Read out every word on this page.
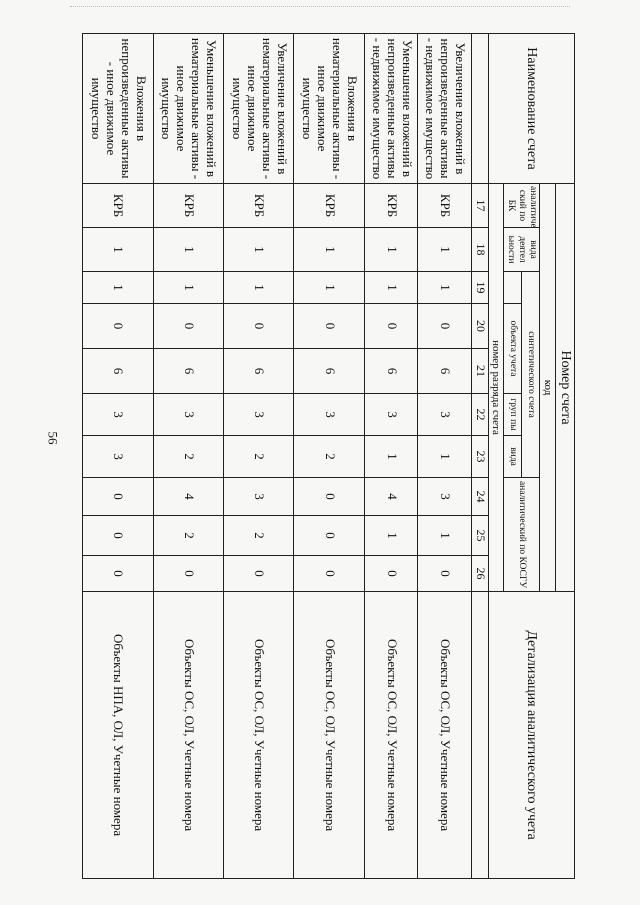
56
Наименование счета	Номер счета										Детализация аналитического учета
	код										
	аналитиче ский по БК	вида деятел ьности	синтетического счета					аналитический по КОСГУ			
				объекта учета		груп пы	вида				
	номер разряда счета										
	17	18	19	20	21	22	23	24	25	26	
Увеличение вложений в непроизведенные активы - недвижимое имущество	КРБ	1	1	0	6	3	1	3	1	0	Объекты ОС, ОЛ, Учетные номера
Уменьшение вложений в непроизведенные активы - недвижимое имущество	КРБ	1	1	0	6	3	1	4	1	0	Объекты ОС, ОЛ, Учетные номера
Вложения в нематериальные активы - иное движимое имущество	КРБ	1	1	0	6	3	2	0	0	0	Объекты ОС, ОЛ, Учетные номера
Увеличение вложений в нематериальные активы - иное движимое имущество	КРБ	1	1	0	6	3	2	3	2	0	Объекты ОС, ОЛ, Учетные номера
Уменьшение вложений в нематериальные активы - иное движимое имущество	КРБ	1	1	0	6	3	2	4	2	0	Объекты ОС, ОЛ, Учетные номера
Вложения в непроизведенные активы - иное движимое имущество	КРБ	1	1	0	6	3	3	0	0	0	Объекты НПА, ОЛ, Учетные номера
